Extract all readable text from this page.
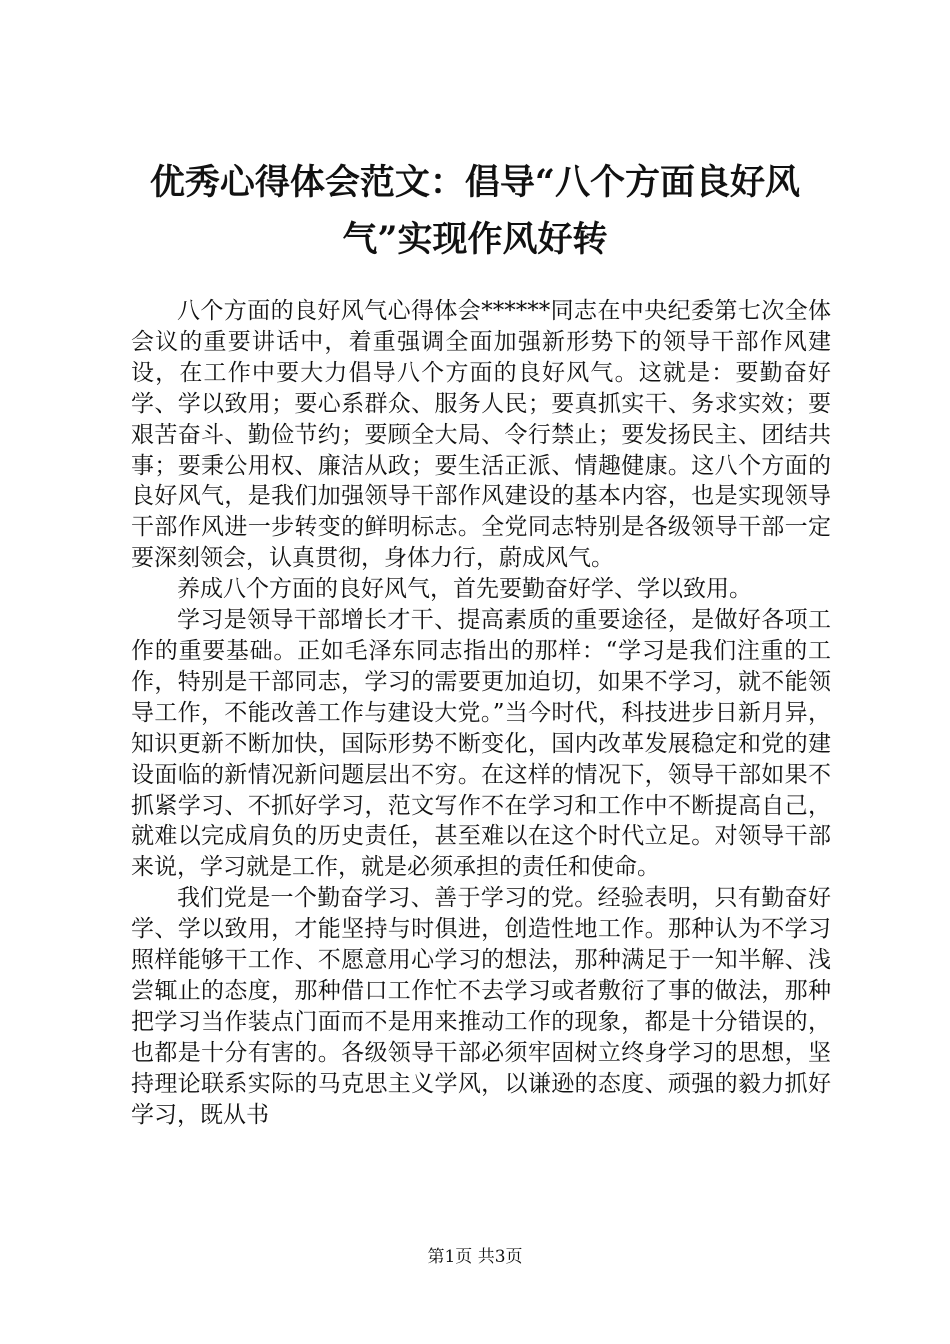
优秀心得体会范文：倡导“八个方面良好风
气”实现作风好转

八个方面的良好风气心得体会******同志在中央纪委第七次全体会议的重要讲话中，着重强调全面加强新形势下的领导干部作风建设，在工作中要大力倡导八个方面的良好风气。这就是：要勤奋好学、学以致用；要心系群众、服务人民；要真抓实干、务求实效；要艰苦奋斗、勤俭节约；要顾全大局、令行禁止；要发扬民主、团结共事；要秉公用权、廉洁从政；要生活正派、情趣健康。这八个方面的良好风气，是我们加强领导干部作风建设的基本内容，也是实现领导干部作风进一步转变的鲜明标志。全党同志特别是各级领导干部一定要深刻领会，认真贯彻，身体力行，蔚成风气。

养成八个方面的良好风气，首先要勤奋好学、学以致用。

学习是领导干部增长才干、提高素质的重要途径，是做好各项工作的重要基础。正如毛泽东同志指出的那样：“学习是我们注重的工作，特别是干部同志，学习的需要更加迫切，如果不学习，就不能领导工作，不能改善工作与建设大党。”当今时代，科技进步日新月异，知识更新不断加快，国际形势不断变化，国内改革发展稳定和党的建设面临的新情况新问题层出不穷。在这样的情况下，领导干部如果不抓紧学习、不抓好学习，范文写作不在学习和工作中不断提高自己，就难以完成肩负的历史责任，甚至难以在这个时代立足。对领导干部来说，学习就是工作，就是必须承担的责任和使命。

我们党是一个勤奋学习、善于学习的党。经验表明，只有勤奋好学、学以致用，才能坚持与时俱进，创造性地工作。那种认为不学习照样能够干工作、不愿意用心学习的想法，那种满足于一知半解、浅尝辄止的态度，那种借口工作忙不去学习或者敷衍了事的做法，那种把学习当作装点门面而不是用来推动工作的现象，都是十分错误的，也都是十分有害的。各级领导干部必须牢固树立终身学习的思想，坚持理论联系实际的马克思主义学风，以谦逊的态度、顽强的毅力抓好学习，既从书

第1页 共3页
